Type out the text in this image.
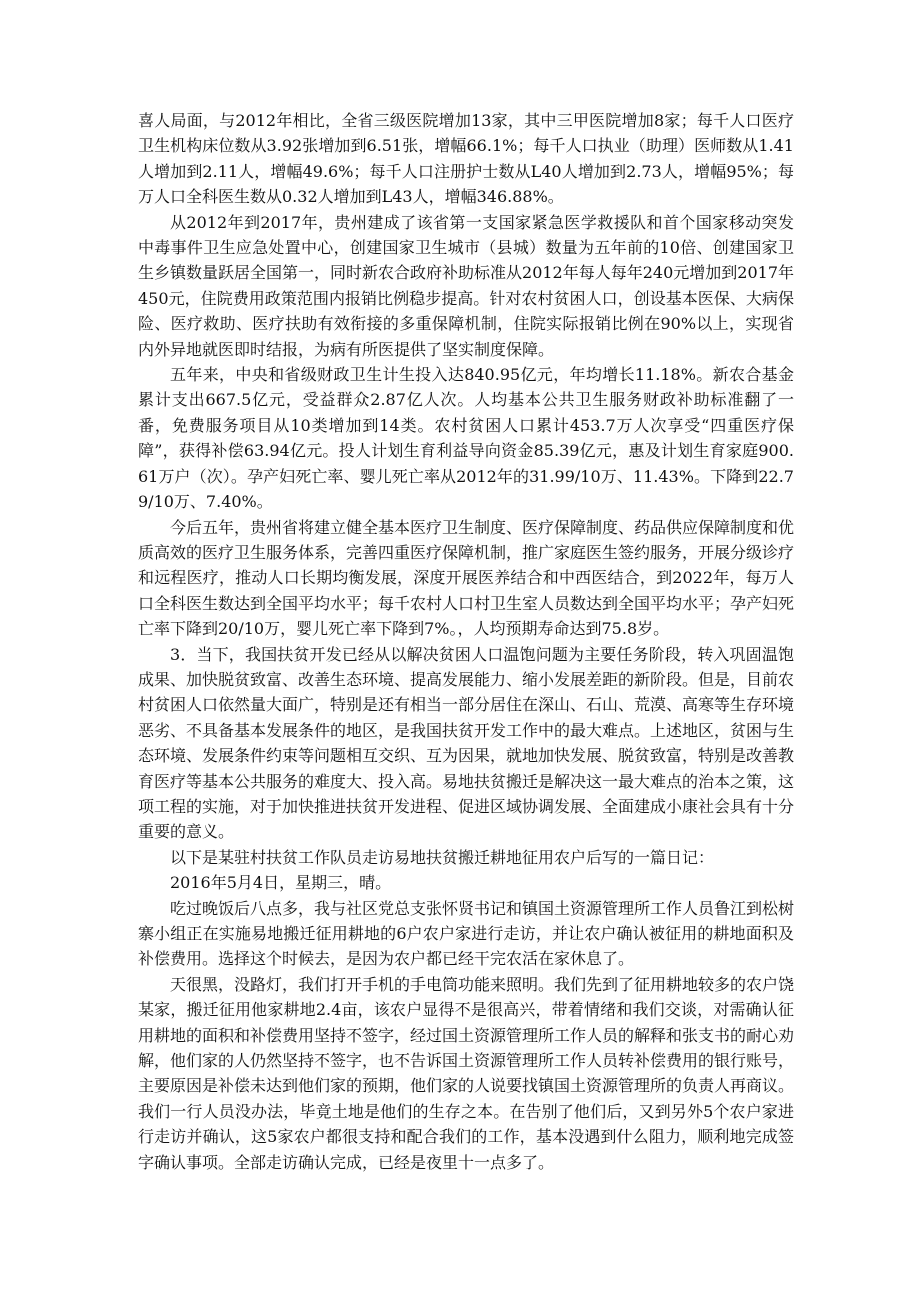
喜人局面，与2012年相比，全省三级医院增加13家，其中三甲医院增加8家；每千人口医疗卫生机构床位数从3.92张增加到6.51张，增幅66.1%；每千人口执业（助理）医师数从1.41人增加到2.11人，增幅49.6%；每千人口注册护士数从L40人增加到2.73人，增幅95%；每万人口全科医生数从0.32人增加到L43人，增幅346.88%。

从2012年到2017年，贵州建成了该省第一支国家紧急医学救援队和首个国家移动突发中毒事件卫生应急处置中心，创建国家卫生城市（县城）数量为五年前的10倍、创建国家卫生乡镇数量跃居全国第一，同时新农合政府补助标准从2012年每人每年240元增加到2017年450元，住院费用政策范围内报销比例稳步提高。针对农村贫困人口，创设基本医保、大病保险、医疗救助、医疗扶助有效衔接的多重保障机制，住院实际报销比例在90%以上，实现省内外异地就医即时结报，为病有所医提供了坚实制度保障。

五年来，中央和省级财政卫生计生投入达840.95亿元，年均增长11.18%。新农合基金累计支出667.5亿元，受益群众2.87亿人次。人均基本公共卫生服务财政补助标准翻了一番，免费服务项目从10类增加到14类。农村贫困人口累计453.7万人次享受“四重医疗保障”，获得补偿63.94亿元。投人计划生育利益导向资金85.39亿元，惠及计划生育家庭900.61万户（次）。孕产妇死亡率、婴儿死亡率从2012年的31.99/10万、11.43%。下降到22.79/10万、7.40%。

今后五年，贵州省将建立健全基本医疗卫生制度、医疗保障制度、药品供应保障制度和优质高效的医疗卫生服务体系，完善四重医疗保障机制，推广家庭医生签约服务，开展分级诊疗和远程医疗，推动人口长期均衡发展，深度开展医养结合和中西医结合，到2022年，每万人口全科医生数达到全国平均水平；每千农村人口村卫生室人员数达到全国平均水平；孕产妇死亡率下降到20/10万，婴儿死亡率下降到7%。，人均预期寿命达到75.8岁。

3．当下，我国扶贫开发已经从以解决贫困人口温饱问题为主要任务阶段，转入巩固温饱成果、加快脱贫致富、改善生态环境、提高发展能力、缩小发展差距的新阶段。但是，目前农村贫困人口依然量大面广，特别是还有相当一部分居住在深山、石山、荒漠、高寒等生存环境恶劣、不具备基本发展条件的地区，是我国扶贫开发工作中的最大难点。上述地区，贫困与生态环境、发展条件约束等问题相互交织、互为因果，就地加快发展、脱贫致富，特别是改善教育医疗等基本公共服务的难度大、投入高。易地扶贫搬迁是解决这一最大难点的治本之策，这项工程的实施，对于加快推进扶贫开发进程、促进区域协调发展、全面建成小康社会具有十分重要的意义。

以下是某驻村扶贫工作队员走访易地扶贫搬迁耕地征用农户后写的一篇日记：

2016年5月4日，星期三，晴。

吃过晚饭后八点多，我与社区党总支张怀贤书记和镇国土资源管理所工作人员鲁江到松树寨小组正在实施易地搬迁征用耕地的6户农户家进行走访，并让农户确认被征用的耕地面积及补偿费用。选择这个时候去，是因为农户都已经干完农活在家休息了。

天很黑，没路灯，我们打开手机的手电筒功能来照明。我们先到了征用耕地较多的农户饶某家，搬迁征用他家耕地2.4亩，该农户显得不是很高兴，带着情绪和我们交谈，对需确认征用耕地的面积和补偿费用坚持不签字，经过国土资源管理所工作人员的解释和张支书的耐心劝解，他们家的人仍然坚持不签字，也不告诉国土资源管理所工作人员转补偿费用的银行账号，主要原因是补偿未达到他们家的预期，他们家的人说要找镇国土资源管理所的负责人再商议。我们一行人员没办法，毕竟土地是他们的生存之本。在告别了他们后，又到另外5个农户家进行走访并确认，这5家农户都很支持和配合我们的工作，基本没遇到什么阻力，顺利地完成签字确认事项。全部走访确认完成，已经是夜里十一点多了。
